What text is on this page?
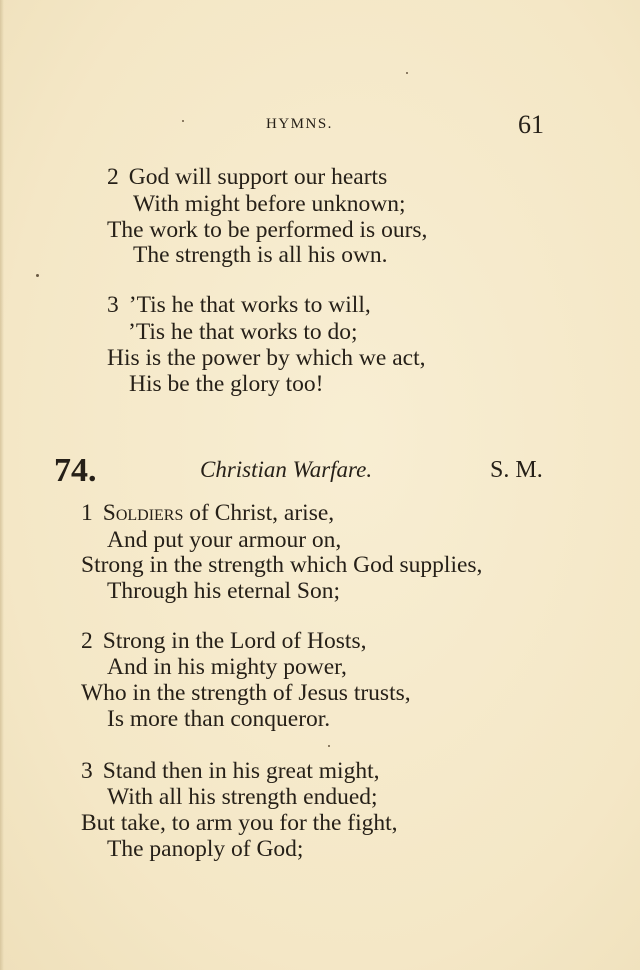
HYMNS.	61
2 God will support our hearts
With might before unknown;
The work to be performed is ours,
The strength is all his own.
3 ’Tis he that works to will,
’Tis he that works to do;
His is the power by which we act,
His be the glory too!
74.	Christian Warfare.	S. M.
1 Soldiers of Christ, arise,
And put your armour on,
Strong in the strength which God supplies,
Through his eternal Son;
2 Strong in the Lord of Hosts,
And in his mighty power,
Who in the strength of Jesus trusts,
Is more than conqueror.
3 Stand then in his great might,
With all his strength endued;
But take, to arm you for the fight,
The panoply of God;
